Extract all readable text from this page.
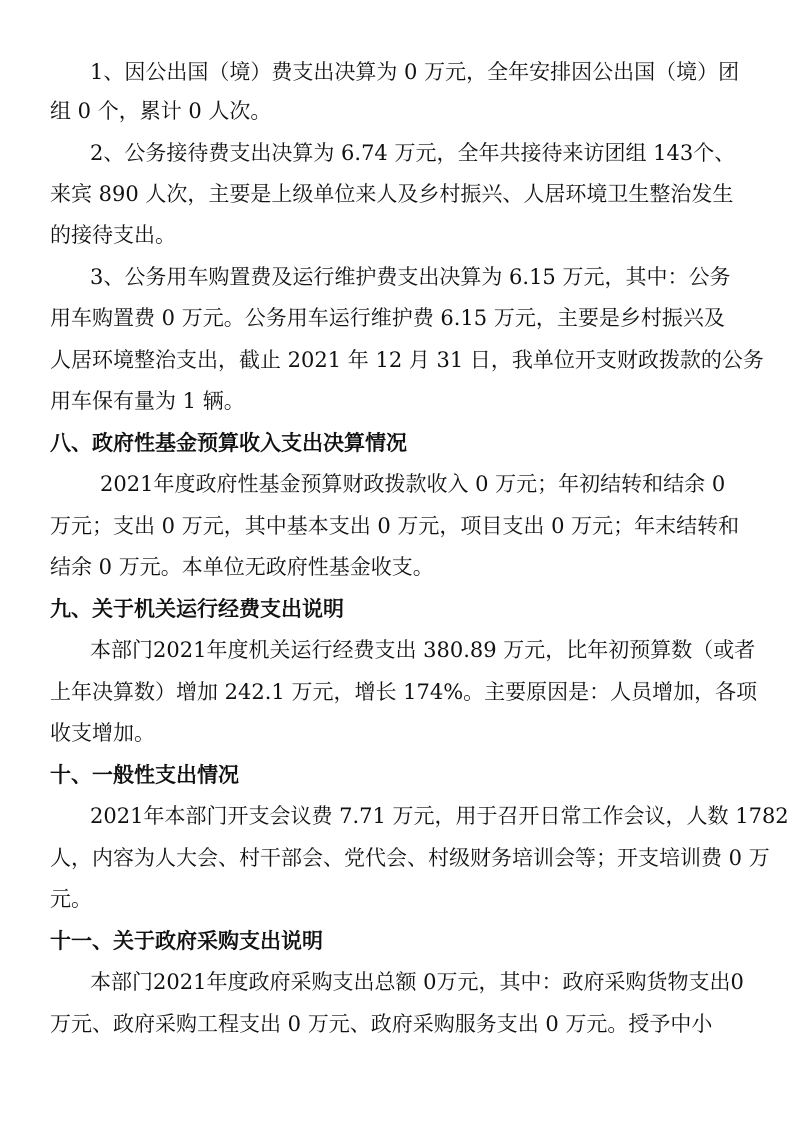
1、因公出国（境）费支出决算为 0 万元，全年安排因公出国（境）团
组 0 个，累计 0 人次。
2、公务接待费支出决算为 6.74 万元，全年共接待来访团组 143个、
来宾 890 人次，主要是上级单位来人及乡村振兴、人居环境卫生整治发生
的接待支出。
3、公务用车购置费及运行维护费支出决算为 6.15 万元，其中：公务
用车购置费 0 万元。公务用车运行维护费 6.15 万元，主要是乡村振兴及
人居环境整治支出，截止 2021 年 12 月 31 日，我单位开支财政拨款的公务
用车保有量为 1 辆。
八、政府性基金预算收入支出决算情况
2021年度政府性基金预算财政拨款收入 0 万元；年初结转和结余 0
万元；支出 0 万元，其中基本支出 0 万元，项目支出 0 万元；年末结转和
结余 0 万元。本单位无政府性基金收支。
九、关于机关运行经费支出说明
本部门2021年度机关运行经费支出 380.89 万元，比年初预算数（或者
上年决算数）增加 242.1 万元，增长 174%。主要原因是：人员增加，各项
收支增加。
十、一般性支出情况
2021年本部门开支会议费 7.71 万元，用于召开日常工作会议，人数 1782
人，内容为人大会、村干部会、党代会、村级财务培训会等；开支培训费 0 万
元。
十一、关于政府采购支出说明
本部门2021年度政府采购支出总额 0万元，其中：政府采购货物支出0
万元、政府采购工程支出 0 万元、政府采购服务支出 0 万元。授予中小
